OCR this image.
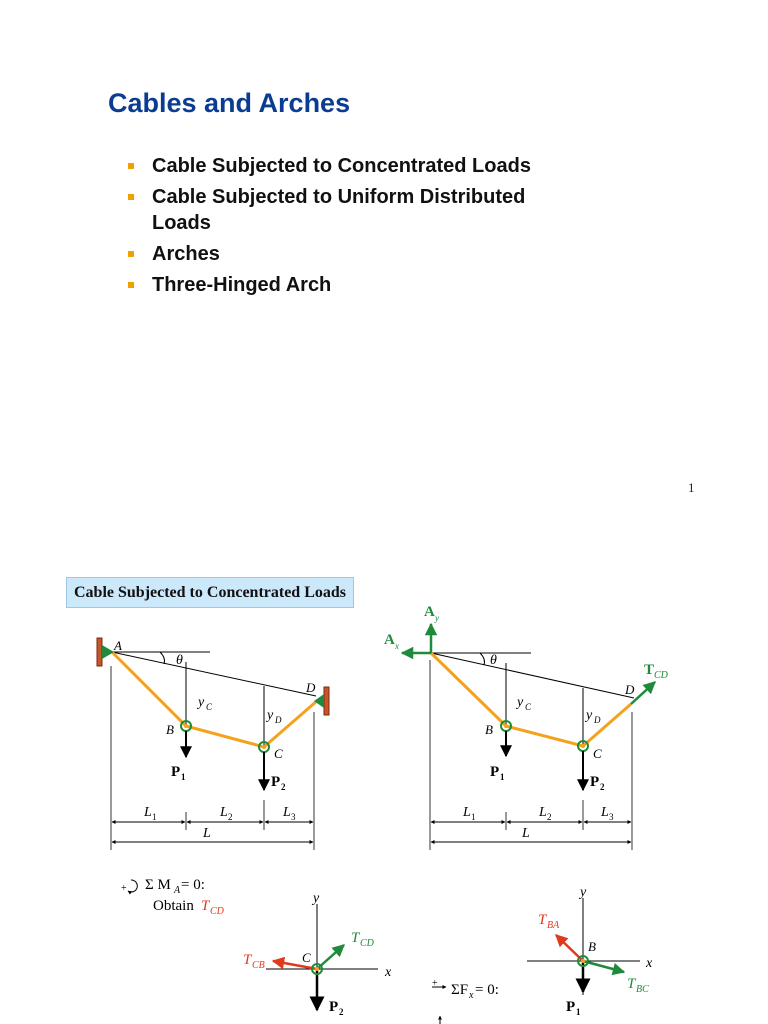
Cables and Arches
Cable Subjected to Concentrated Loads
Cable Subjected to Uniform Distributed Loads
Arches
Three-Hinged Arch
1
Cable Subjected to Concentrated Loads
A
θ
D
B
C
y C
y D
P 1	P 2
L 1	L 2	L 3
L
A y
A x
T CD
θ
D
B
C
y C
y D
P 1	P 2
L 1	L 2	L 3
L
+ Σ M A = 0:
Obtain T CD
y
x
C
T CD
T CB
P 2
+ ΣF x = 0:
y
x
B
T BA
T BC
P 1
